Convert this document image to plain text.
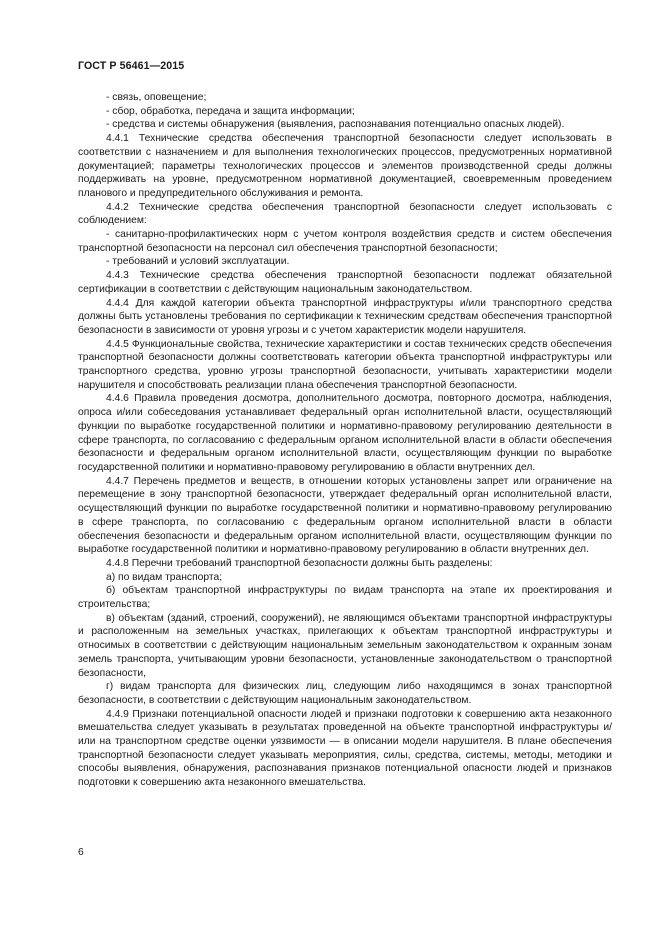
ГОСТ Р 56461—2015

- связь, оповещение;

- сбор, обработка, передача и защита информации;

- средства и системы обнаружения (выявления, распознавания потенциально опасных людей).

4.4.1 Технические средства обеспечения транспортной безопасности следует использовать в соответствии с назначением и для выполнения технологических процессов, предусмотренных нормативной документацией; параметры технологических процессов и элементов производственной среды должны поддерживать на уровне, предусмотренном нормативной документацией, своевременным проведением планового и предупредительного обслуживания и ремонта.

4.4.2 Технические средства обеспечения транспортной безопасности следует использовать с соблюдением:

- санитарно-профилактических норм с учетом контроля воздействия средств и систем обеспечения транспортной безопасности на персонал сил обеспечения транспортной безопасности;

- требований и условий эксплуатации.

4.4.3 Технические средства обеспечения транспортной безопасности подлежат обязательной сертификации в соответствии с действующим национальным законодательством.

4.4.4 Для каждой категории объекта транспортной инфраструктуры и/или транспортного средства должны быть установлены требования по сертификации к техническим средствам обеспечения транспортной безопасности в зависимости от уровня угрозы и с учетом характеристик модели нарушителя.

4.4.5 Функциональные свойства, технические характеристики и состав технических средств обеспечения транспортной безопасности должны соответствовать категории объекта транспортной инфраструктуры или транспортного средства, уровню угрозы транспортной безопасности, учитывать характеристики модели нарушителя и способствовать реализации плана обеспечения транспортной безопасности.

4.4.6 Правила проведения досмотра, дополнительного досмотра, повторного досмотра, наблюдения, опроса и/или собеседования устанавливает федеральный орган исполнительной власти, осуществляющий функции по выработке государственной политики и нормативно-правовому регулированию деятельности в сфере транспорта, по согласованию с федеральным органом исполнительной власти в области обеспечения безопасности и федеральным органом исполнительной власти, осуществляющим функции по выработке государственной политики и нормативно-правовому регулированию в области внутренних дел.

4.4.7 Перечень предметов и веществ, в отношении которых установлены запрет или ограничение на перемещение в зону транспортной безопасности, утверждает федеральный орган исполнительной власти, осуществляющий функции по выработке государственной политики и нормативно-правовому регулированию в сфере транспорта, по согласованию с федеральным органом исполнительной власти в области обеспечения безопасности и федеральным органом исполнительной власти, осуществляющим функции по выработке государственной политики и нормативно-правовому регулированию в области внутренних дел.

4.4.8 Перечни требований транспортной безопасности должны быть разделены:

а) по видам транспорта;

б) объектам транспортной инфраструктуры по видам транспорта на этапе их проектирования и строительства;

в) объектам (зданий, строений, сооружений), не являющимся объектами транспортной инфраструктуры и расположенным на земельных участках, прилегающих к объектам транспортной инфраструктуры и относимых в соответствии с действующим национальным земельным законодательством к охранным зонам земель транспорта, учитывающим уровни безопасности, установленные законодательством о транспортной безопасности,

г) видам транспорта для физических лиц, следующим либо находящимся в зонах транспортной безопасности, в соответствии с действующим национальным законодательством.

4.4.9 Признаки потенциальной опасности людей и признаки подготовки к совершению акта незаконного вмешательства следует указывать в результатах проведенной на объекте транспортной инфраструктуры и/или на транспортном средстве оценки уязвимости — в описании модели нарушителя. В плане обеспечения транспортной безопасности следует указывать мероприятия, силы, средства, системы, методы, методики и способы выявления, обнаружения, распознавания признаков потенциальной опасности людей и признаков подготовки к совершению акта незаконного вмешательства.

6
